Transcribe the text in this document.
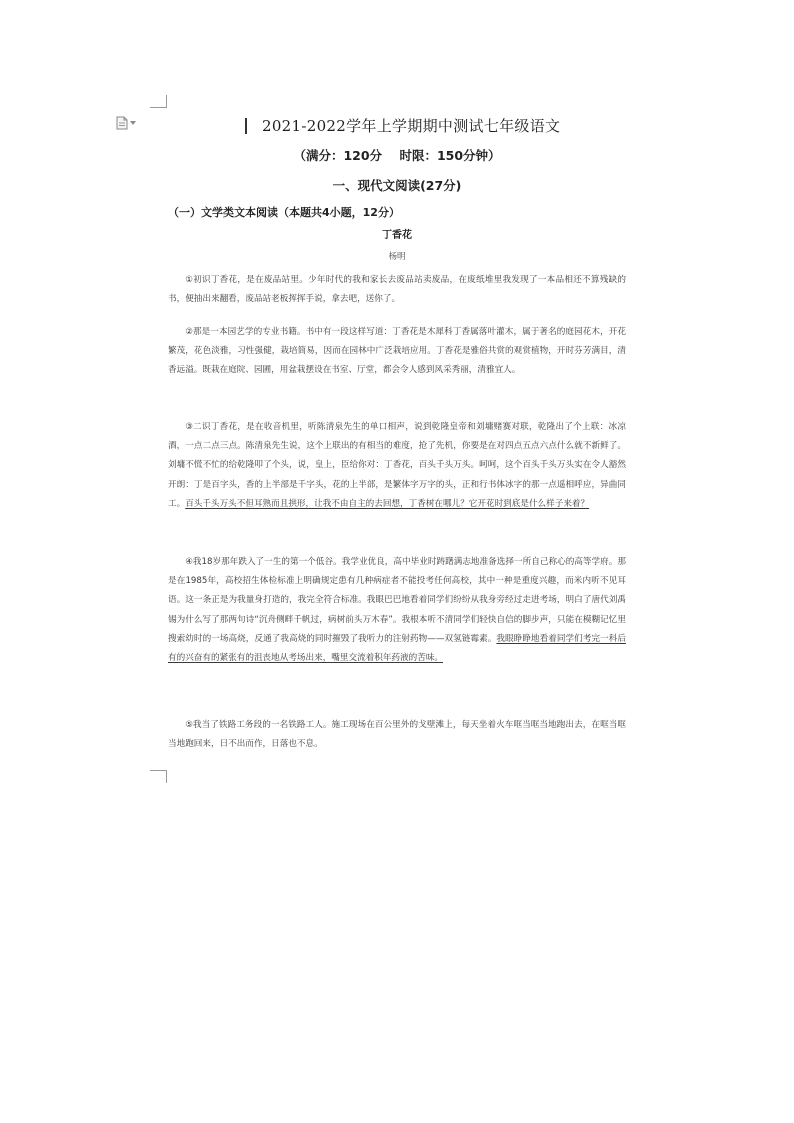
2021-2022学年上学期期中测试七年级语文
（满分：120分    时限：150分钟）
一、现代文阅读(27分)
（一）文学类文本阅读（本题共4小题，12分）
丁香花
杨明

①初识丁香花，是在废品站里。少年时代的我和家长去废品站卖废品，在废纸堆里我发现了一本品相还不算残缺的书，便抽出来翻看，废品站老板挥挥手说，拿去吧，送你了。

②那是一本园艺学的专业书籍。书中有一段这样写道：丁香花是木犀科丁香属落叶灌木，属于著名的庭园花木，开花繁茂，花色淡雅，习性强健，栽培简易，因而在园林中广泛栽培应用。丁香花是雅俗共赏的观赏植物，开时芬芳满目，清香远溢。既栽在庭院、园圃，用盆栽摆设在书室、厅堂，都会令人感到风采秀丽，清雅宜人。

③二识丁香花，是在收音机里，听陈清泉先生的单口相声，说到乾隆皇帝和刘墉赌赛对联，乾隆出了个上联：冰凉酒，一点二点三点。陈清泉先生说，这个上联出的有相当的难度，抢了先机，你要是在对四点五点六点什么就不新鲜了。刘墉不慌不忙的给乾隆叩了个头，说，皇上，臣给你对：丁香花，百头千头万头。呵呵，这个百头千头万头实在令人豁然开朗：丁是百字头，香的上半部是千字头，花的上半部，是繁体字万字的头，正和行书体冰字的那一点遥相呼应，异曲同工。百头千头万头不但耳熟而且拱形，让我不由自主的去回想，丁香树在哪儿？它开花时到底是什么样子来着？

④我18岁那年跌入了一生的第一个低谷。我学业优良，高中毕业时踌躇满志地准备选择一所自己称心的高等学府。那是在1985年，高校招生体检标准上明确规定患有几种病症者不能投考任何高校，其中一种是重度兴趣，而米内听不见耳语。这一条正是为我量身打造的，我完全符合标准。我眼巴巴地看着同学们纷纷从我身旁经过走进考场，明白了唐代刘禹锡为什么写了那两句诗“沉舟侧畔千帆过，病树前头万木春”。我根本听不清同学们轻快自信的脚步声，只能在模糊记忆里搜索幼时的一场高烧，反通了我高烧的同时摧毁了我听力的注射药物——双氢链霉素。我眼睁睁地看着同学们考完一科后有的兴奋有的紧张有的沮丧地从考场出来，嘴里交流着积年药液的苦味。

⑤我当了铁路工务段的一名铁路工人。施工现场在百公里外的戈壁滩上，每天坐着火车哐当哐当地跑出去，在哐当哐当地跑回来，日不出而作，日落也不息。
